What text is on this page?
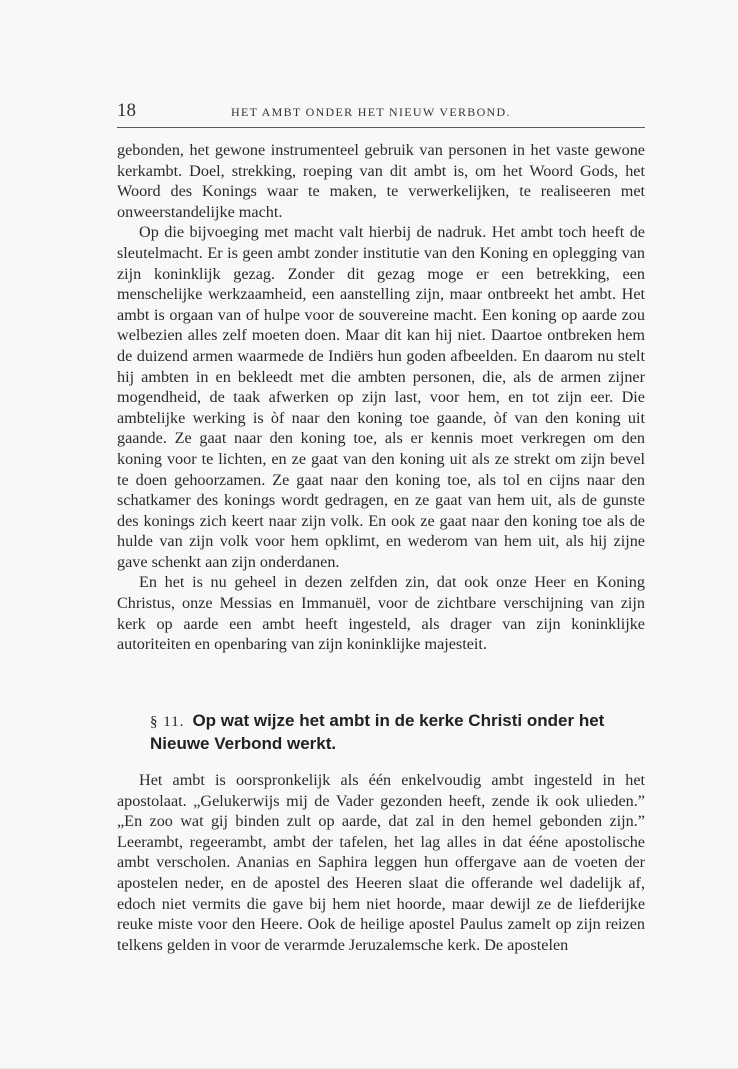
18	HET AMBT ONDER HET NIEUW VERBOND.

gebonden, het gewone instrumenteel gebruik van personen in het vaste gewone kerkambt. Doel, strekking, roeping van dit ambt is, om het Woord Gods, het Woord des Konings waar te maken, te verwerkelijken, te realiseeren met onweerstandelijke macht.

Op die bijvoeging met macht valt hierbij de nadruk. Het ambt toch heeft de sleutelmacht. Er is geen ambt zonder institutie van den Koning en oplegging van zijn koninklijk gezag. Zonder dit gezag moge er een betrekking, een menschelijke werkzaamheid, een aanstelling zijn, maar ontbreekt het ambt. Het ambt is orgaan van of hulpe voor de souvereine macht. Een koning op aarde zou welbezien alles zelf moeten doen. Maar dit kan hij niet. Daartoe ontbreken hem de duizend armen waarmede de Indiërs hun goden afbeelden. En daarom nu stelt hij ambten in en bekleedt met die ambten personen, die, als de armen zijner mogendheid, de taak afwerken op zijn last, voor hem, en tot zijn eer. Die ambtelijke werking is òf naar den koning toe gaande, òf van den koning uit gaande. Ze gaat naar den koning toe, als er kennis moet verkregen om den koning voor te lichten, en ze gaat van den koning uit als ze strekt om zijn bevel te doen gehoorzamen. Ze gaat naar den koning toe, als tol en cijns naar den schatkamer des konings wordt gedragen, en ze gaat van hem uit, als de gunste des konings zich keert naar zijn volk. En ook ze gaat naar den koning toe als de hulde van zijn volk voor hem opklimt, en wederom van hem uit, als hij zijne gave schenkt aan zijn onderdanen.

En het is nu geheel in dezen zelfden zin, dat ook onze Heer en Koning Christus, onze Messias en Immanuël, voor de zichtbare verschijning van zijn kerk op aarde een ambt heeft ingesteld, als drager van zijn koninklijke autoriteiten en openbaring van zijn koninklijke majesteit.

§ 11. Op wat wijze het ambt in de kerke Christi onder het Nieuwe Verbond werkt.

Het ambt is oorspronkelijk als één enkelvoudig ambt ingesteld in het apostolaat. „Gelukerwijs mij de Vader gezonden heeft, zende ik ook ulieden.” „En zoo wat gij binden zult op aarde, dat zal in den hemel gebonden zijn.” Leerambt, regeerambt, ambt der tafelen, het lag alles in dat ééne apostolische ambt verscholen. Ananias en Saphira leggen hun offergave aan de voeten der apostelen neder, en de apostel des Heeren slaat die offerande wel dadelijk af, edoch niet vermits die gave bij hem niet hoorde, maar dewijl ze de liefderijke reuke miste voor den Heere. Ook de heilige apostel Paulus zamelt op zijn reizen telkens gelden in voor de verarmde Jeruzalemsche kerk. De apostelen
